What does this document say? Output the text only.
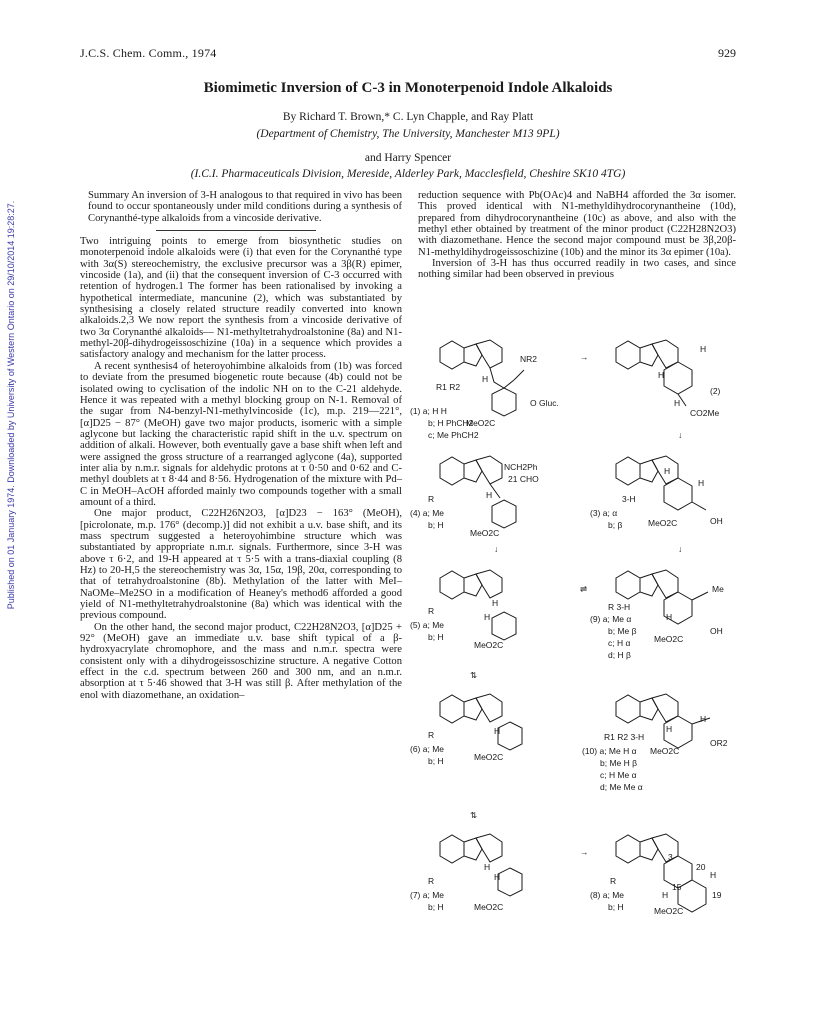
Published on 01 January 1974. Downloaded by University of Western Ontario on 29/10/2014 19:28:27.
J.C.S. Chem. Comm., 1974	929
Biomimetic Inversion of C-3 in Monoterpenoid Indole Alkaloids
By Richard T. Brown,* C. Lyn Chapple, and Ray Platt
(Department of Chemistry, The University, Manchester M13 9PL)
and Harry Spencer
(I.C.I. Pharmaceuticals Division, Mereside, Alderley Park, Macclesfield, Cheshire SK10 4TG)

Summary An inversion of 3-H analogous to that required in vivo has been found to occur spontaneously under mild conditions during a synthesis of Corynanthé-type alkaloids from a vincoside derivative.

Two intriguing points to emerge from biosynthetic studies on monoterpenoid indole alkaloids were (i) that even for the Corynanthé type with 3α(S) stereochemistry, the exclusive precursor was a 3β(R) epimer, vincoside (1a), and (ii) that the consequent inversion of C-3 occurred with retention of hydrogen.1 The former has been rationalised by invoking a hypothetical intermediate, mancunine (2), which was substantiated by synthesising a closely related structure readily converted into known alkaloids.2,3 We now report the synthesis from a vincoside derivative of two 3α Corynanthé alkaloids— N1-methyltetrahydroalstonine (8a) and N1-methyl-20β-dihydrogeissoschizine (10a) in a sequence which provides a satisfactory analogy and mechanism for the latter process.

A recent synthesis4 of heteroyohimbine alkaloids from (1b) was forced to deviate from the presumed biogenetic route because (4b) could not be isolated owing to cyclisation of the indolic NH on to the C-21 aldehyde. Hence it was repeated with a methyl blocking group on N-1. Removal of the sugar from N4-benzyl-N1-methylvincoside (1c), m.p. 219—221°, [α]D25 − 87° (MeOH) gave two major products, isomeric with a simple aglycone but lacking the characteristic rapid shift in the u.v. spectrum on addition of alkali. However, both eventually gave a base shift when left and were assigned the gross structure of a rearranged aglycone (4a), supported inter alia by n.m.r. signals for aldehydic protons at τ 0·50 and 0·62 and C-methyl doublets at τ 8·44 and 8·56. Hydrogenation of the mixture with Pd–C in MeOH–AcOH afforded mainly two compounds together with a small amount of a third.

One major product, C22H26N2O3, [α]D23 − 163° (MeOH), [picrolonate, m.p. 176° (decomp.)] did not exhibit a u.v. base shift, and its mass spectrum suggested a heteroyohimbine structure which was substantiated by appropriate n.m.r. signals. Furthermore, since 3-H was above τ 6·2, and 19-H appeared at τ 5·5 with a trans-diaxial coupling (8 Hz) to 20-H,5 the stereochemistry was 3α, 15α, 19β, 20α, corresponding to that of tetrahydroalstonine (8b). Methylation of the latter with MeI–NaOMe–Me2SO in a modification of Heaney's method6 afforded a good yield of N1-methyltetrahydroalstonine (8a) which was identical with the previous compound.

On the other hand, the second major product, C22H28N2O3, [α]D25 + 92° (MeOH) gave an immediate u.v. base shift typical of a β-hydroxyacrylate chromophore, and the mass and n.m.r. spectra were consistent only with a dihydrogeissoschizine structure. A negative Cotton effect in the c.d. spectrum between 260 and 300 nm, and an n.m.r. absorption at τ 5·46 showed that 3-H was still β. After methylation of the enol with diazomethane, an oxidation–

reduction sequence with Pb(OAc)4 and NaBH4 afforded the 3α isomer. This proved identical with N1-methyldihydrocorynantheine (10d), prepared from dihydrocorynantheine (10c) as above, and also with the methyl ether obtained by treatment of the minor product (C22H28N2O3) with diazomethane. Hence the second major compound must be 3β,20β-N1-methyldihydrogeissoschizine (10b) and the minor its 3α epimer (10a).

Inversion of 3-H has thus occurred readily in two cases, and since nothing similar had been observed in previous

→
↓
↓
⇌
↓
⇅
⇅
→
NR2
O Gluc.
MeO2C
H
R1 R2
(1) a; H H
b; H PhCH2
c; Me PhCH2
H
CO2Me
H
H
(2)
NCH2Ph
21 CHO
MeO2C
H
R
(4) a; Me
b; H	MeO2C	OH
H
H
3-H
(3) a; α
b; β
MeO2C
H
H
R
(5) a; Me
b; H
Me
OH
MeO2C
H
R 3-H
(9) a; Me α
b; Me β
c; H α
d; H β
MeO2C
H
R
(6) a; Me
b; H
MeO2C
OR2
H
H
R1 R2 3-H
(10) a; Me H α
b; Me H β
c; H Me α
d; Me Me α
MeO2C
H
H
R
(7) a; Me
b; H	MeO2C
3
15
19
20
H
H
R
(8) a; Me
b; H
